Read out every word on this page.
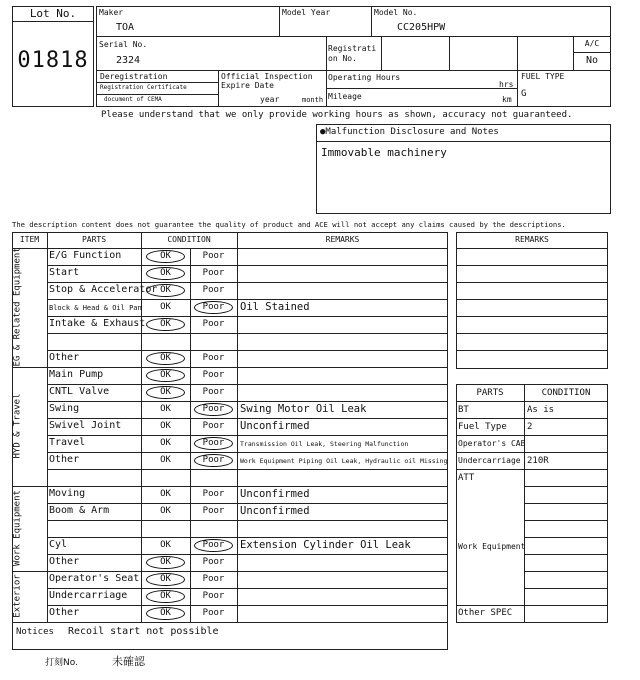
Lot No.
01818
Maker
TOA
Model Year	Model No.
CC205HPW
Serial No.
2324
Registrati
on No.
A/C
No
Deregistration
Registration Certificate
document of CEMA
Official Inspection
Expire Date
year	month
Operating Hours
hrs
Mileage	km
FUEL TYPE
G
Please understand that we only provide working hours as shown, accuracy not guaranteed.
●Malfunction Disclosure and Notes
Immovable machinery
The description content does not guarantee the quality of product and ACE will not accept any claims caused by the descriptions.
ITEM	PARTS	CONDITION	REMARKS
E/G Function	OK	Poor
Start	OK	Poor
Stop & Accelerator OK	Poor
Block & Head & Oil Pan	OK	Poor	Oil Stained
Intake & Exhaust	OK	Poor
Other	OK	Poor
Main Pump	OK	Poor
CNTL Valve	OK	Poor
Swing	OK	Poor	Swing Motor Oil Leak
Swivel Joint	OK	Poor	Unconfirmed
Travel	OK	Poor	Transmission Oil Leak, Steering Malfunction
Other	OK	Poor	Work Equipment Piping Oil Leak, Hydraulic oil Missing
Moving	OK	Poor	Unconfirmed
Boom & Arm	OK	Poor	Unconfirmed
Cyl	OK	Poor	Extension Cylinder Oil Leak
Other	OK	Poor
Operator's Seat	OK	Poor
Undercarriage	OK	Poor
Other	OK	Poor
EG & Related Equipment
HYD & Travel
Work Equipment
Exterior
REMARKS
PARTS	CONDITION
BT	As is
Fuel Type 2
Operator's CAB
Undercarriage 210R
ATT
Work Equipment
Other SPEC
Notices Recoil start not possible
打刻No.	未確認
